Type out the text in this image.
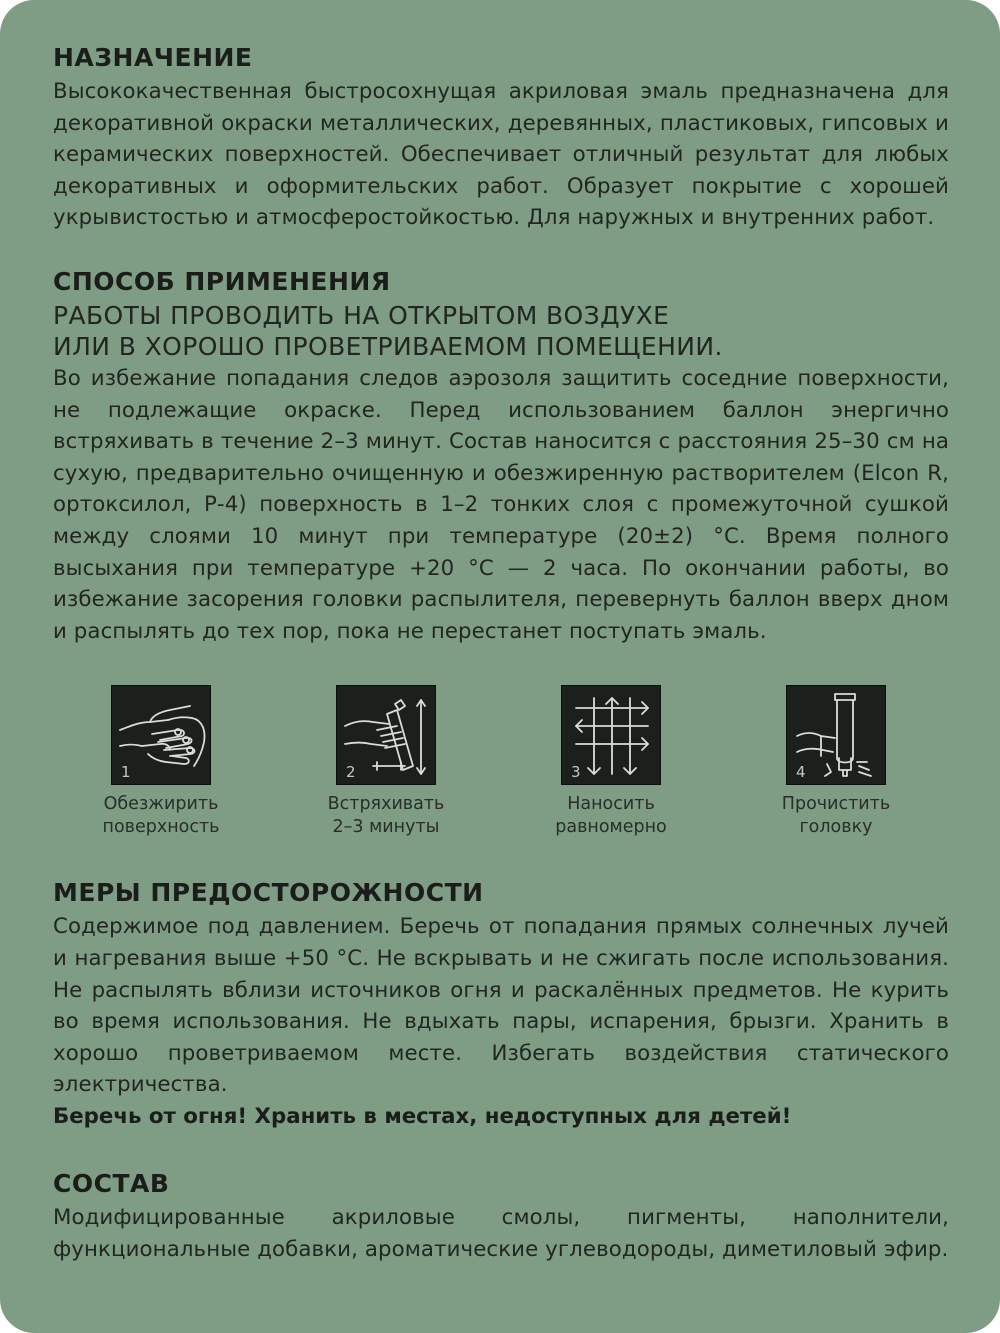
НАЗНАЧЕНИЕ

Высококачественная быстросохнущая акриловая эмаль предназначена для декоративной окраски металлических, деревянных, пластиковых, гипсовых и керамических поверхностей. Обеспечивает отличный результат для любых декоративных и оформительских работ. Образует покрытие с хорошей укрывистостью и атмосферостойкостью. Для наружных и внутренних работ.

СПОСОБ ПРИМЕНЕНИЯ
РАБОТЫ ПРОВОДИТЬ НА ОТКРЫТОМ ВОЗДУХЕ
ИЛИ В ХОРОШО ПРОВЕТРИВАЕМОМ ПОМЕЩЕНИИ.

Во избежание попадания следов аэрозоля защитить соседние поверхности, не подлежащие окраске. Перед использованием баллон энергично встряхивать в течение 2–3 минут. Состав наносится с расстояния 25–30 см на сухую, предварительно очищенную и обезжиренную растворителем (Elcon R, ортоксилол, Р-4) поверхность в 1–2 тонких слоя с промежуточной сушкой между слоями 10 минут при температуре (20±2) °С. Время полного высыхания при температуре +20 °С — 2 часа. По окончании работы, во избежание засорения головки распылителя, перевернуть баллон вверх дном и распылять до тех пор, пока не перестанет поступать эмаль.

1
Обезжирить
поверхность
2
Встряхивать
2–3 минуты
3
Наносить
равномерно
4
Прочистить
головку
МЕРЫ ПРЕДОСТОРОЖНОСТИ

Содержимое под давлением. Беречь от попадания прямых солнечных лучей и нагревания выше +50 °С. Не вскрывать и не сжигать после использования. Не распылять вблизи источников огня и раскалённых предметов. Не курить во время использования. Не вдыхать пары, испарения, брызги. Хранить в хорошо проветриваемом месте. Избегать воздействия статического электричества.

Беречь от огня! Хранить в местах, недоступных для детей!

СОСТАВ

Модифицированные акриловые смолы, пигменты, наполнители, функциональные добавки, ароматические углеводороды, диметиловый эфир.
